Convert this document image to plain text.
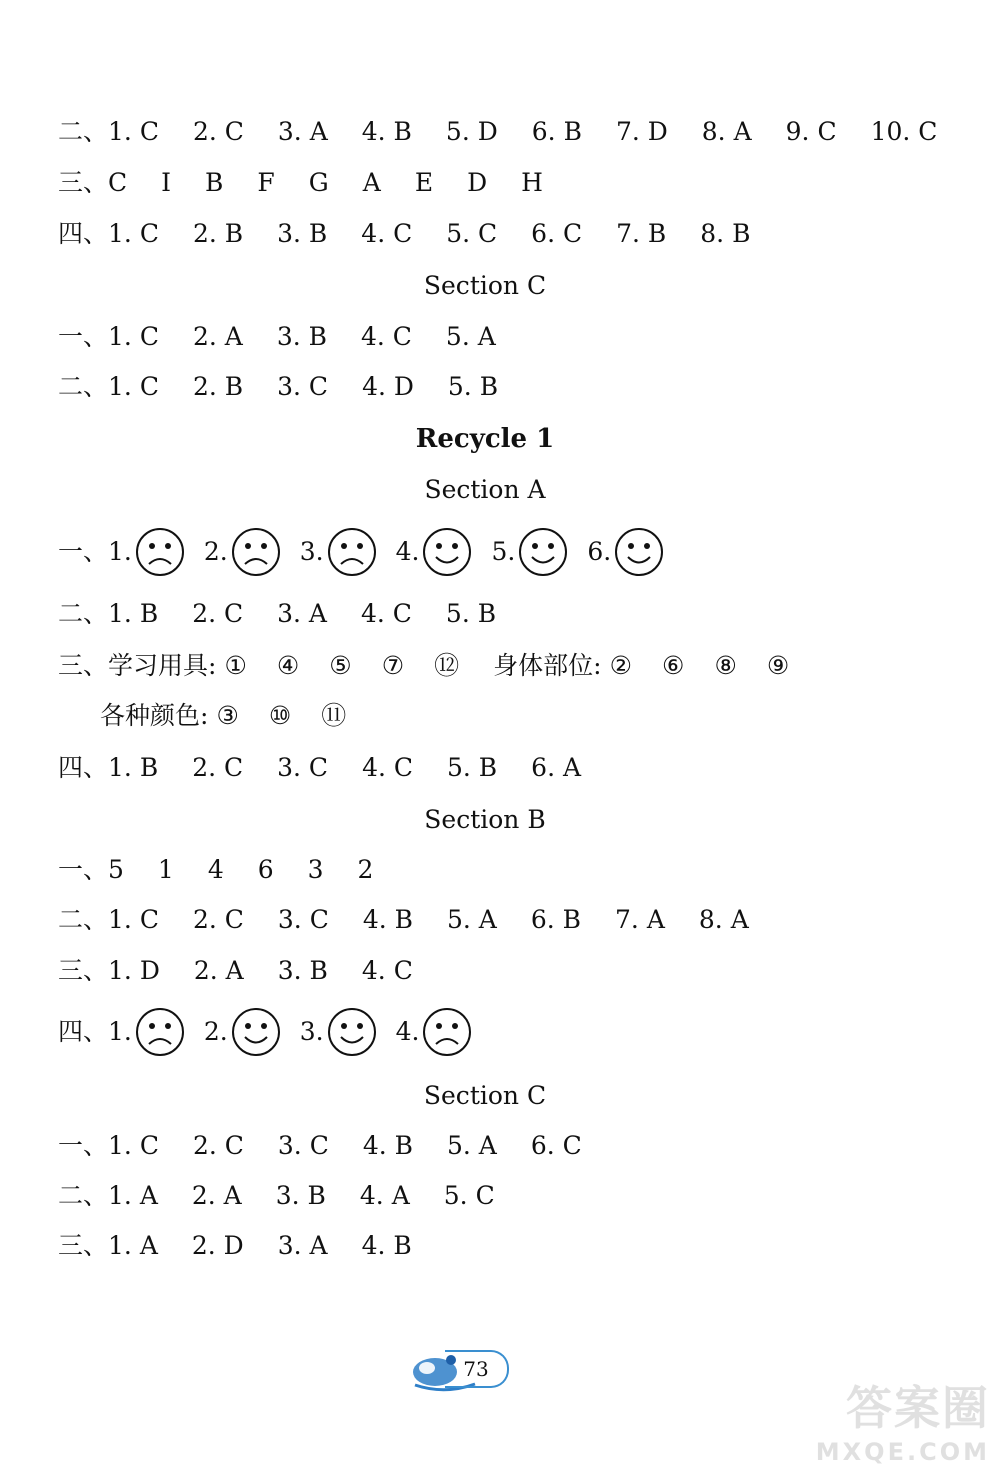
二、 1. C 2. C 3. A 4. B 5. D 6. B 7. D 8. A 9. C 10. C
三、 C I B F G A E D H
四、 1. C 2. B 3. B 4. C 5. C 6. C 7. B 8. B
Section C
一、 1. C 2. A 3. B 4. C 5. A
二、 1. C 2. B 3. C 4. D 5. B
Recycle 1
Section A
一、 1.	2.	3.	4.	5.	6.
二、 1. B 2. C 3. A 4. C 5. B
三、 学习用具: ① ④ ⑤ ⑦ ⑫	身体部位: ② ⑥ ⑧ ⑨
各种颜色: ③ ⑩ ⑪
四、 1. B 2. C 3. C 4. C 5. B 6. A
Section B
一、 5 1 4 6 3 2
二、 1. C 2. C 3. C 4. B 5. A 6. B 7. A 8. A
三、 1. D 2. A 3. B 4. C
四、 1.	2.	3.	4.
Section C
一、 1. C 2. C 3. C 4. B 5. A 6. C
二、 1. A 2. A 3. B 4. A 5. C
三、 1. A 2. D 3. A 4. B
73
答案圈
MXQE.COM
